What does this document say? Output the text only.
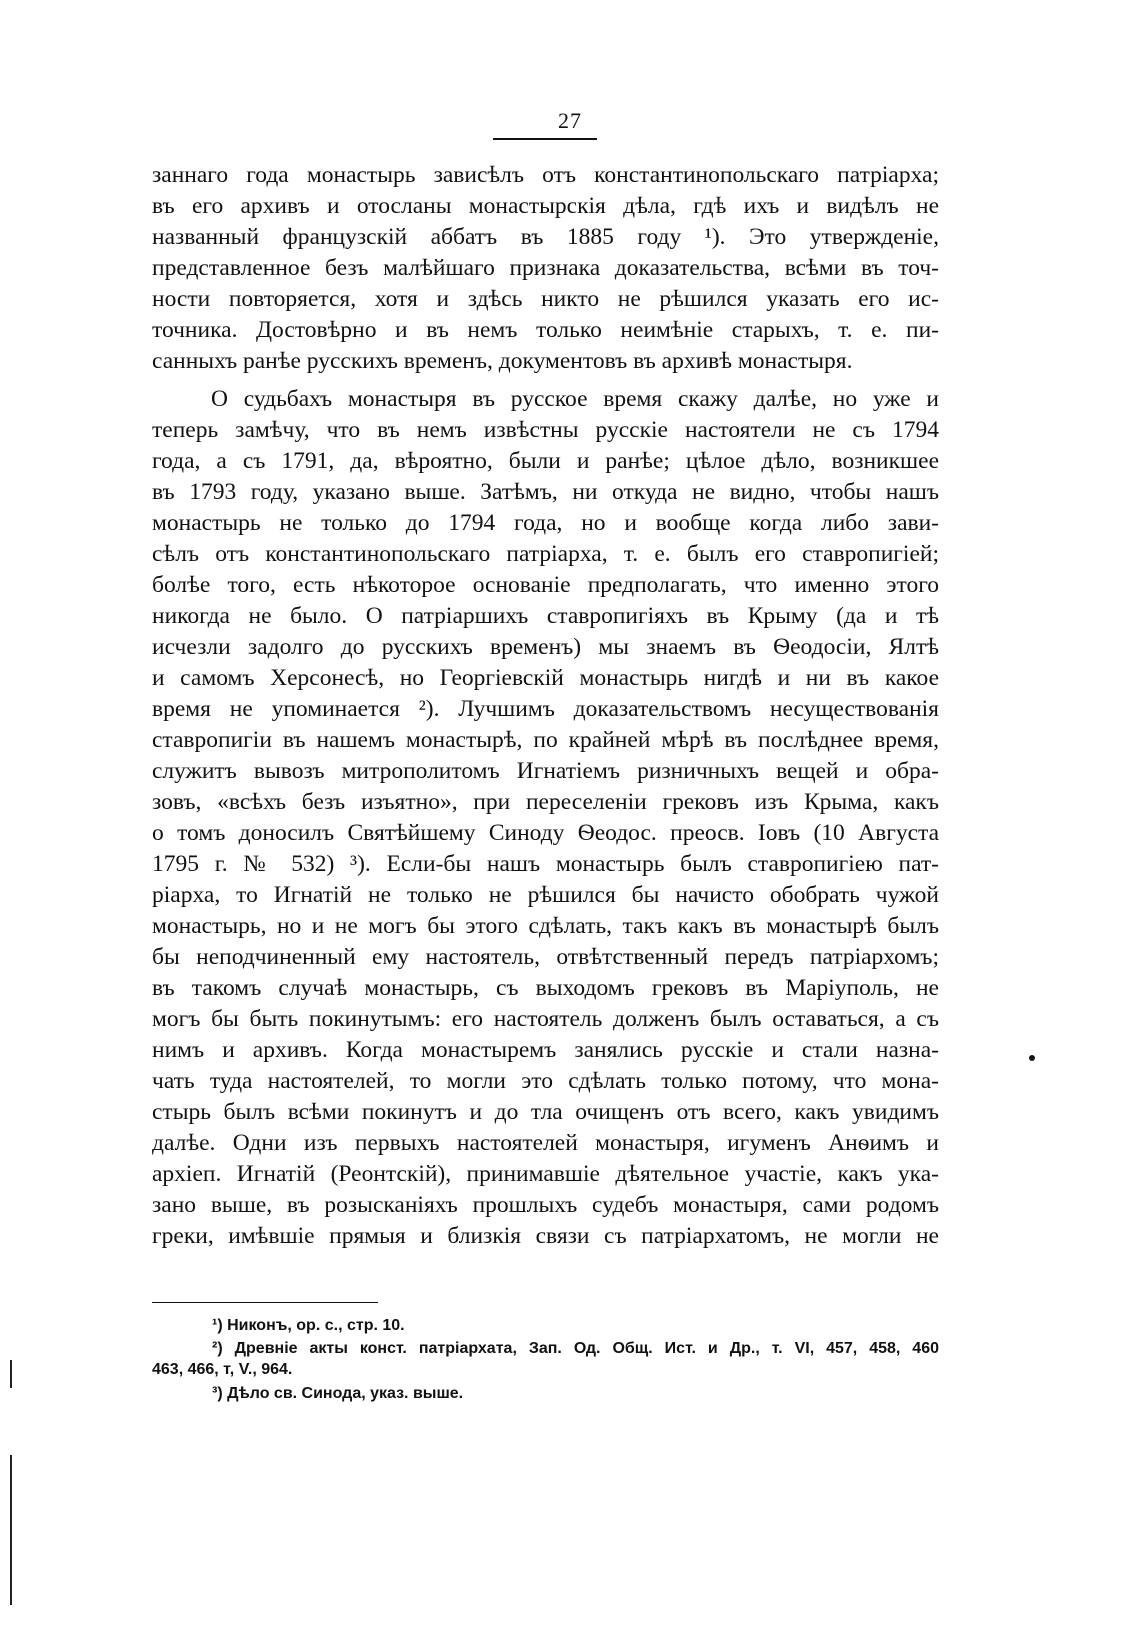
27
заннаго года монастырь зависѣлъ отъ константинопольскаго патріарха;
въ его архивъ и отосланы монастырскія дѣла, гдѣ ихъ и видѣлъ не
названный французскій аббатъ въ 1885 году ¹). Это утвержденіе,
представленное безъ малѣйшаго признака доказательства, всѣми въ точ-
ности повторяется, хотя и здѣсь никто не рѣшился указать его ис-
точника. Достовѣрно и въ немъ только неимѣніе старыхъ, т. е. пи-
санныхъ ранѣе русскихъ временъ, документовъ въ архивѣ монастыря.
О судьбахъ монастыря въ русское время скажу далѣе, но уже и
теперь замѣчу, что въ немъ извѣстны русскіе настоятели не съ 1794
года, а съ 1791, да, вѣроятно, были и ранѣе; цѣлое дѣло, возникшее
въ 1793 году, указано выше. Затѣмъ, ни откуда не видно, чтобы нашъ
монастырь не только до 1794 года, но и вообще когда либо зави-
сѣлъ отъ константинопольскаго патріарха, т. е. былъ его ставропигіей;
болѣе того, есть нѣкоторое основаніе предполагать, что именно этого
никогда не было. О патріаршихъ ставропигіяхъ въ Крыму (да и тѣ
исчезли задолго до русскихъ временъ) мы знаемъ въ Ѳеодосіи, Ялтѣ
и самомъ Херсонесѣ, но Георгіевскій монастырь нигдѣ и ни въ какое
время не упоминается ²). Лучшимъ доказательствомъ несуществованія
ставропигіи въ нашемъ монастырѣ, по крайней мѣрѣ въ послѣднее время,
служитъ вывозъ митрополитомъ Игнатіемъ ризничныхъ вещей и обра-
зовъ, «всѣхъ безъ изъятно», при переселеніи грековъ изъ Крыма, какъ
о томъ доносилъ Святѣйшему Синоду Ѳеодос. преосв. Іовъ (10 Августа
1795 г. № 532) ³). Если-бы нашъ монастырь былъ ставропигіею пат-
ріарха, то Игнатій не только не рѣшился бы начисто обобрать чужой
монастырь, но и не могъ бы этого сдѣлать, такъ какъ въ монастырѣ былъ
бы неподчиненный ему настоятель, отвѣтственный передъ патріархомъ;
въ такомъ случаѣ монастырь, съ выходомъ грековъ въ Маріуполь, не
могъ бы быть покинутымъ: его настоятель долженъ былъ оставаться, а съ
нимъ и архивъ. Когда монастыремъ занялись русскіе и стали назна-
чать туда настоятелей, то могли это сдѣлать только потому, что мона-
стырь былъ всѣми покинутъ и до тла очищенъ отъ всего, какъ увидимъ
далѣе. Одни изъ первыхъ настоятелей монастыря, игуменъ Анѳимъ и
архіеп. Игнатій (Реонтскій), принимавшіе дѣятельное участіе, какъ ука-
зано выше, въ розысканіяхъ прошлыхъ судебъ монастыря, сами родомъ
греки, имѣвшіе прямыя и близкія связи съ патріархатомъ, не могли не
¹) Никонъ, op. c., стр. 10.
²) Древніе акты конст. патріархата, Зап. Од. Общ. Ист. и Др., т. VI, 457, 458, 460
463, 466, т, V., 964.
³) Дѣло св. Синода, указ. выше.
